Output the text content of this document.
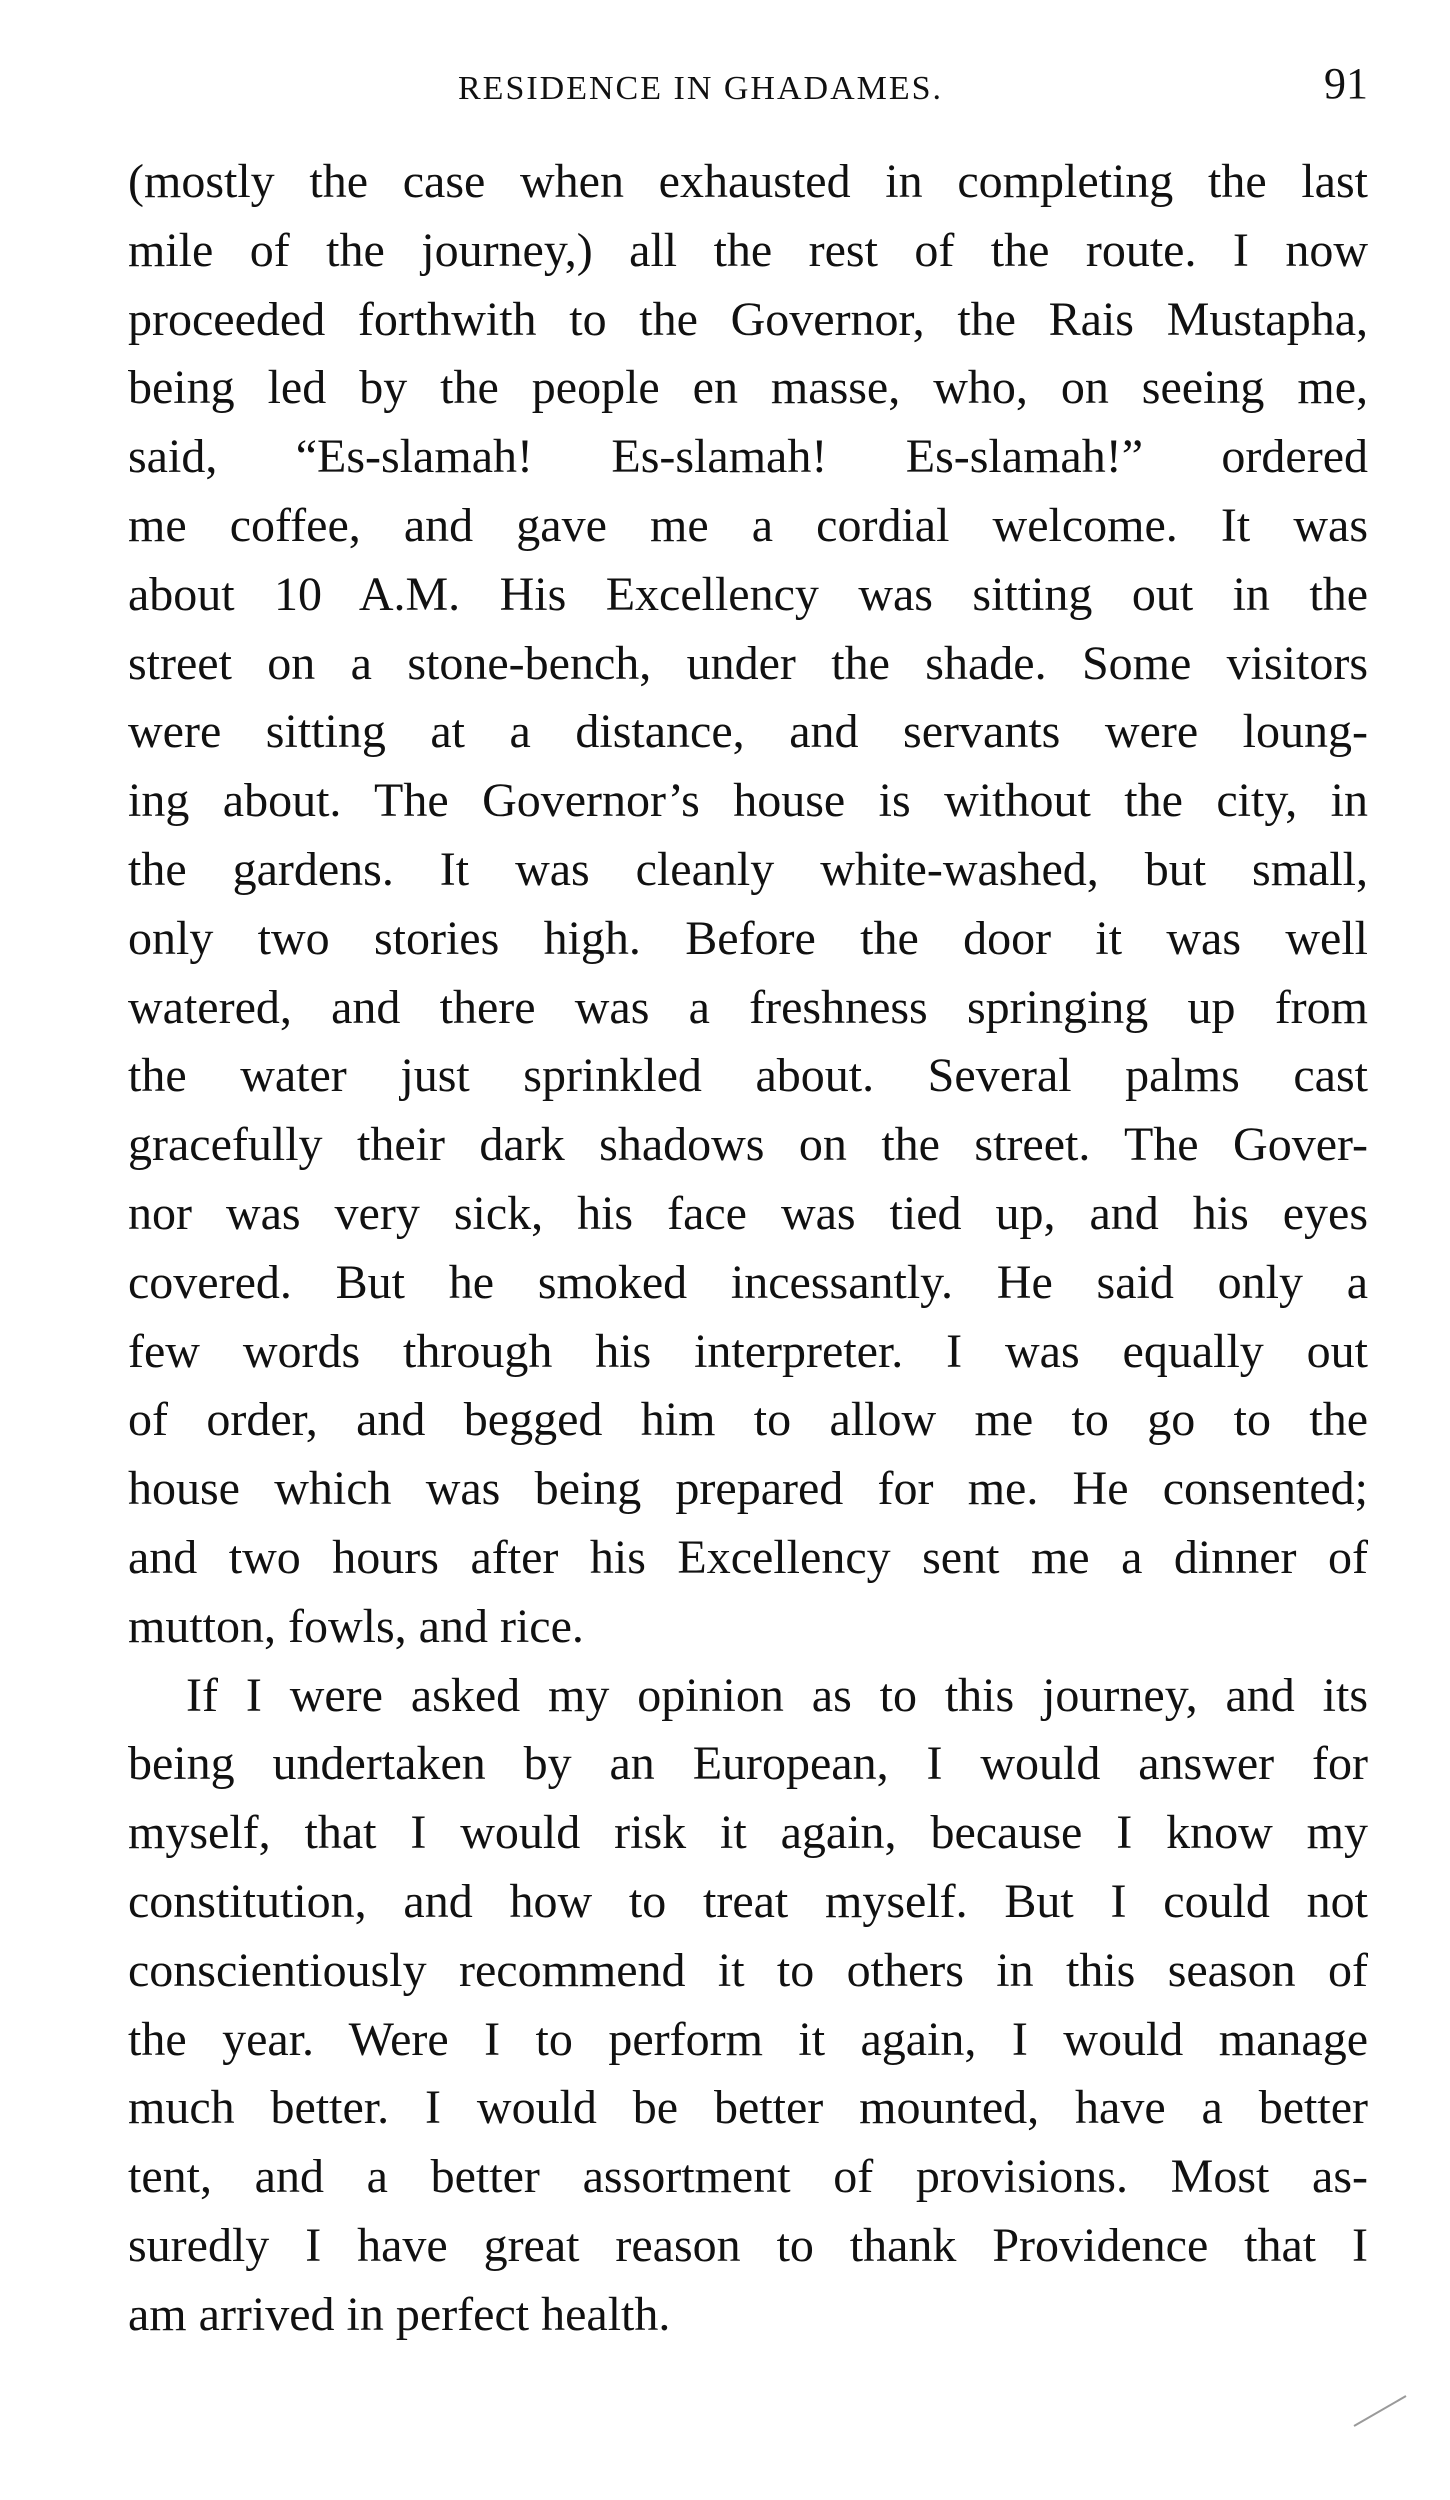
RESIDENCE IN GHADAMES.	91
(mostly the case when exhausted in completing the last
mile of the journey,) all the rest of the route. I now
proceeded forthwith to the Governor, the Rais Mustapha,
being led by the people en masse, who, on seeing me,
said, “Es-slamah! Es-slamah! Es-slamah!” ordered
me coffee, and gave me a cordial welcome. It was
about 10 A.M. His Excellency was sitting out in the
street on a stone-bench, under the shade. Some visitors
were sitting at a distance, and servants were loung-
ing about. The Governor’s house is without the city, in
the gardens. It was cleanly white-washed, but small,
only two stories high. Before the door it was well
watered, and there was a freshness springing up from
the water just sprinkled about. Several palms cast
gracefully their dark shadows on the street. The Gover-
nor was very sick, his face was tied up, and his eyes
covered. But he smoked incessantly. He said only a
few words through his interpreter. I was equally out
of order, and begged him to allow me to go to the
house which was being prepared for me. He consented;
and two hours after his Excellency sent me a dinner of
mutton, fowls, and rice.
If I were asked my opinion as to this journey, and its
being undertaken by an European, I would answer for
myself, that I would risk it again, because I know my
constitution, and how to treat myself. But I could not
conscientiously recommend it to others in this season of
the year. Were I to perform it again, I would manage
much better. I would be better mounted, have a better
tent, and a better assortment of provisions. Most as-
suredly I have great reason to thank Providence that I
am arrived in perfect health.
